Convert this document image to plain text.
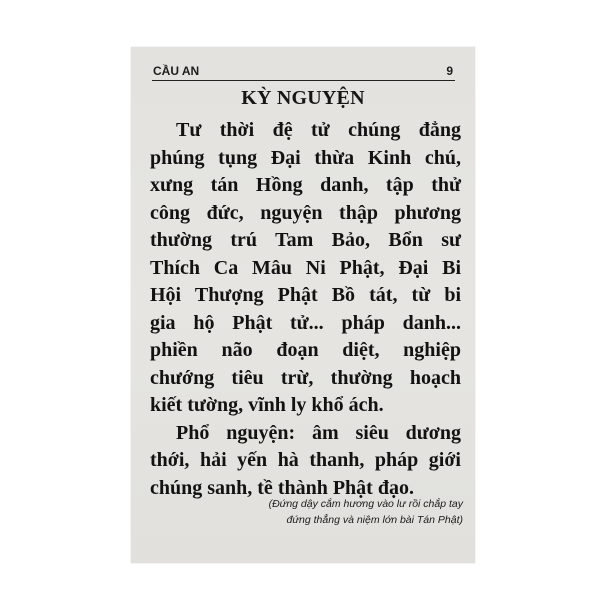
CẦU AN	9
KỲ NGUYỆN
Tư thời đệ tử chúng đẳng
phúng tụng Đại thừa Kinh chú,
xưng tán Hồng danh, tập thử
công đức, nguyện thập phương
thường trú Tam Bảo, Bổn sư
Thích Ca Mâu Ni Phật, Đại Bi
Hội Thượng Phật Bồ tát, từ bi
gia hộ Phật tử... pháp danh...
phiền não đoạn diệt, nghiệp
chướng tiêu trừ, thường hoạch
kiết tường, vĩnh ly khổ ách.
Phổ nguyện: âm siêu dương
thới, hải yến hà thanh, pháp giới
chúng sanh, tề thành Phật đạo.
(Đứng dậy cắm hương vào lư rồi chắp tay
đứng thẳng và niệm lớn bài Tán Phật)
